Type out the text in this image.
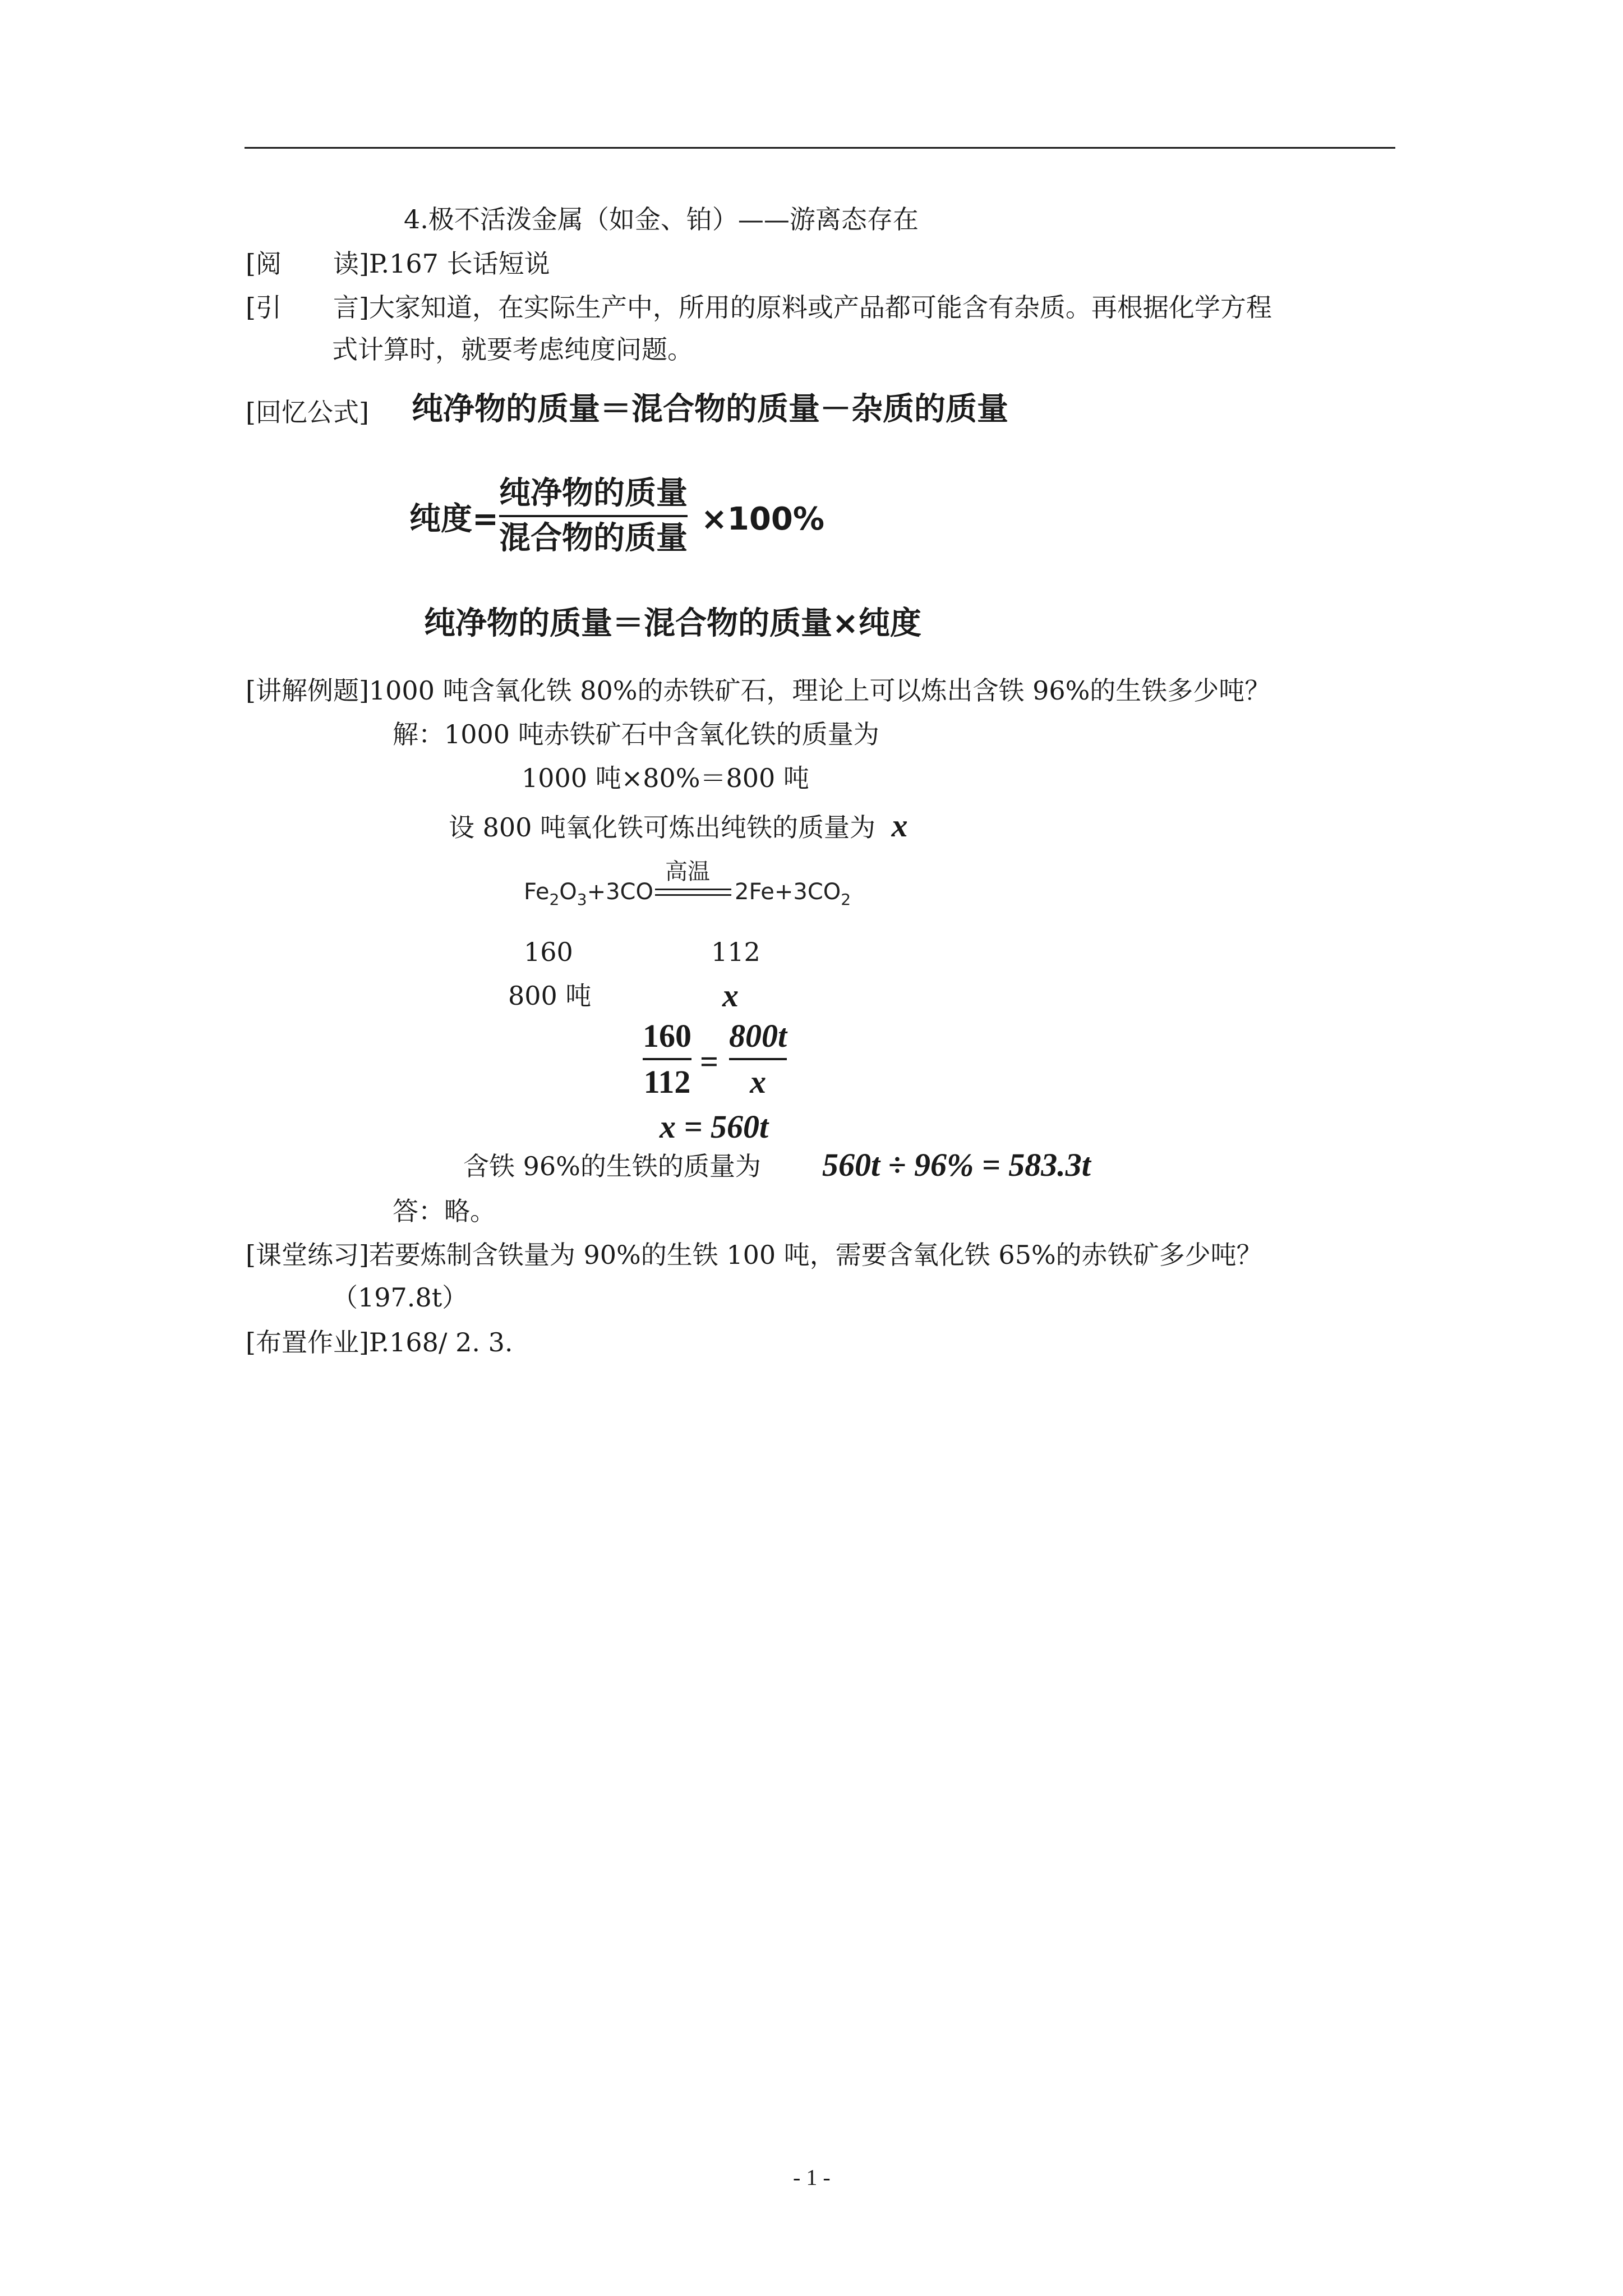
4.极不活泼金属（如金、铂）——游离态存在
[阅　　读]P.167 长话短说
[引　　言]大家知道，在实际生产中，所用的原料或产品都可能含有杂质。再根据化学方程
式计算时，就要考虑纯度问题。
[回忆公式] 纯净物的质量＝混合物的质量－杂质的质量
纯度=
纯净物的质量
混合物的质量
×100%
纯净物的质量＝混合物的质量×纯度
[讲解例题]1000 吨含氧化铁 80%的赤铁矿石，理论上可以炼出含铁 96%的生铁多少吨？
解：1000 吨赤铁矿石中含氧化铁的质量为
1000 吨×80%＝800 吨
设 800 吨氧化铁可炼出纯铁的质量为 x
高温
$Fe_2O_3+3CO$	$2Fe+3CO_2$
160	112
800 吨	x
160
112
=
800t
x
x = 560t
含铁 96%的生铁的质量为 560t ÷ 96% = 583.3t
答：略。
[课堂练习]若要炼制含铁量为 90%的生铁 100 吨，需要含氧化铁 65%的赤铁矿多少吨？
（197.8t）
[布置作业]P.168/ 2. 3.
- 1 -
